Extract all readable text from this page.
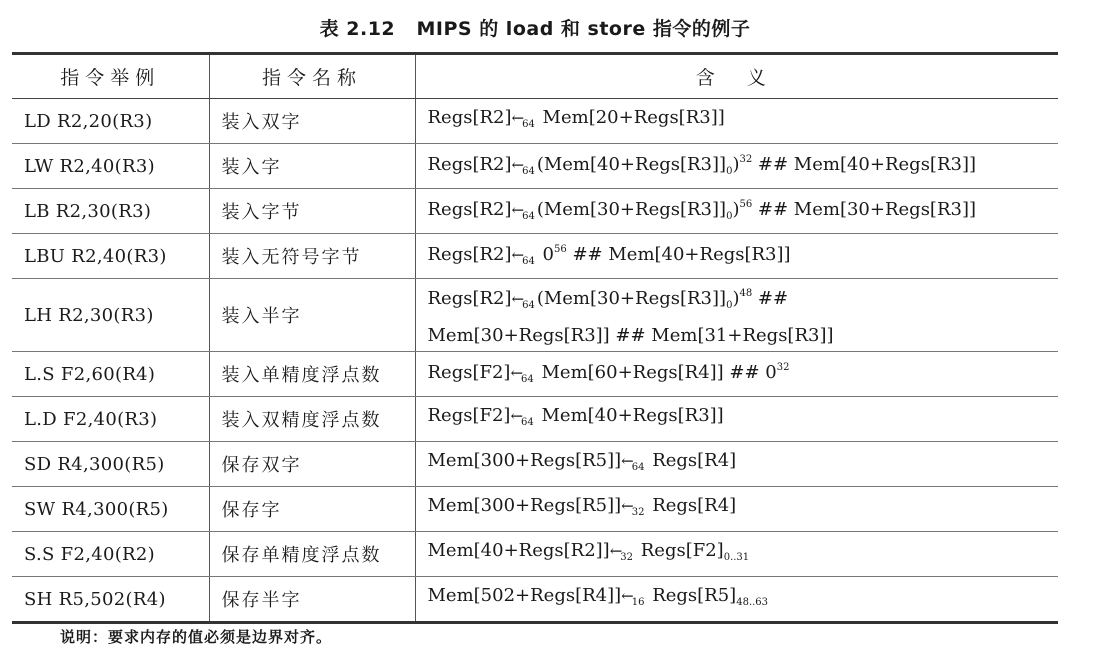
表 2.12   MIPS 的 load 和 store 指令的例子
指令举例	指令名称	含义
LD R2,20(R3)	装入双字	$Regs[R2]\leftarrow_{64}$ Mem[20+Regs[R3]]

LW R2,40(R3)	装入字	$Regs[R2]\leftarrow_{64}$ $(Mem[40+Regs[R3]]_0)^{32}$ ## Mem[40+Regs[R3]]

LB R2,30(R3)	装入字节	$Regs[R2]\leftarrow_{64}$ $(Mem[30+Regs[R3]]_0)^{56}$ ## Mem[30+Regs[R3]]

LBU R2,40(R3)	装入无符号字节	$Regs[R2]\leftarrow_{64}$ $0^{56}$ ## Mem[40+Regs[R3]]

LH R2,30(R3)	装入半字	$Regs[R2]\leftarrow_{64}$ $(Mem[30+Regs[R3]]_0)^{48}$ ##
Mem[30+Regs[R3]] ## Mem[31+Regs[R3]]

L.S F2,60(R4)	装入单精度浮点数	$Regs[F2]\leftarrow_{64}$ Mem[60+Regs[R4]] ## $0^{32}$

L.D F2,40(R3)	装入双精度浮点数	$Regs[F2]\leftarrow_{64}$ Mem[40+Regs[R3]]

SD R4,300(R5)	保存双字	$Mem[300+Regs[R5]]\leftarrow_{64}$ Regs[R4]

SW R4,300(R5)	保存字	$Mem[300+Regs[R5]]\leftarrow_{32}$ Regs[R4]

S.S F2,40(R2)	保存单精度浮点数	$Mem[40+Regs[R2]]\leftarrow_{32}$ $Regs[F2]_{0..31}$

SH R5,502(R4)	保存半字	$Mem[502+Regs[R4]]\leftarrow_{16}$ $Regs[R5]_{48..63}$
说明：要求内存的值必须是边界对齐。
